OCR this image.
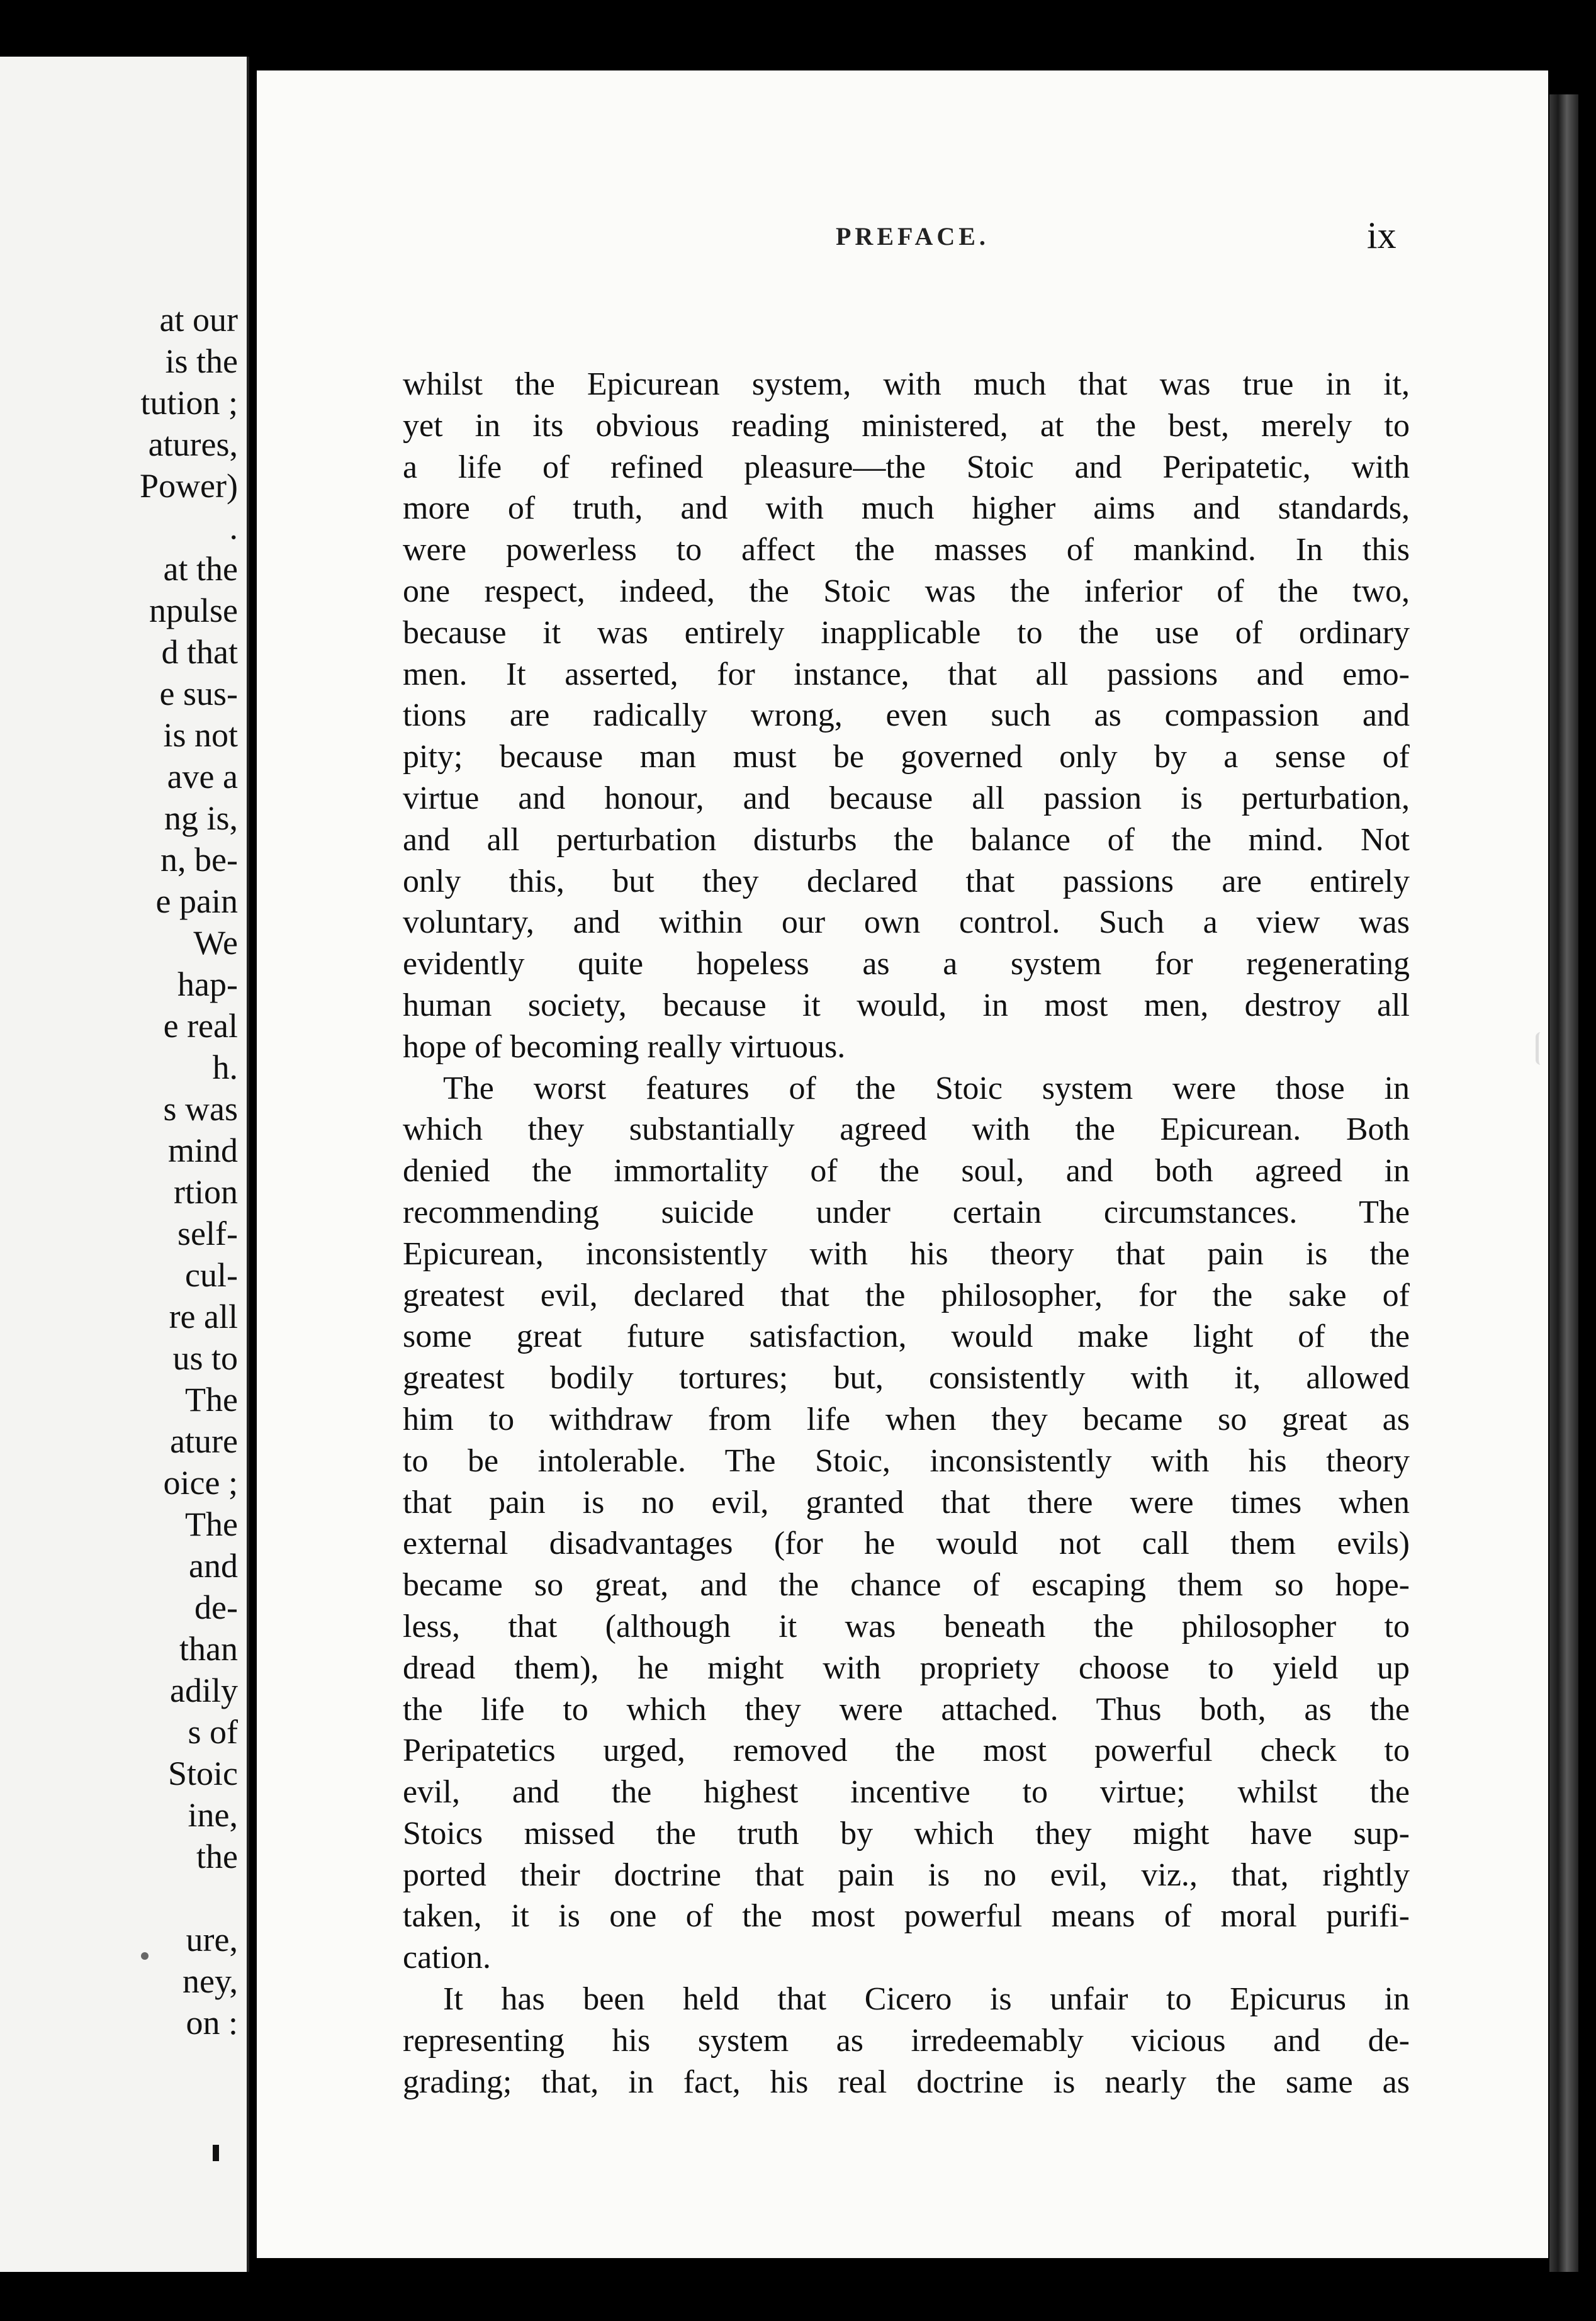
at our
is the
tution ;
atures,
Power)
.
at the
npulse
d that
e sus-
is not
ave a
ng is,
n, be-
e pain
We
hap-
e real
h.
s was
mind
rtion
self-
cul-
re all
us to
The
ature
oice ;
The
and
de-
than
adily
s of
Stoic
ine,
the
ure,
ney,
on :
PREFACE.	ix
whilst the Epicurean system, with much that was true in it,
yet in its obvious reading ministered, at the best, merely to
a life of refined pleasure—the Stoic and Peripatetic, with
more of truth, and with much higher aims and standards,
were powerless to affect the masses of mankind. In this
one respect, indeed, the Stoic was the inferior of the two,
because it was entirely inapplicable to the use of ordinary
men. It asserted, for instance, that all passions and emo-
tions are radically wrong, even such as compassion and
pity; because man must be governed only by a sense of
virtue and honour, and because all passion is perturbation,
and all perturbation disturbs the balance of the mind. Not
only this, but they declared that passions are entirely
voluntary, and within our own control. Such a view was
evidently quite hopeless as a system for regenerating
human society, because it would, in most men, destroy all
hope of becoming really virtuous.
The worst features of the Stoic system were those in
which they substantially agreed with the Epicurean. Both
denied the immortality of the soul, and both agreed in
recommending suicide under certain circumstances. The
Epicurean, inconsistently with his theory that pain is the
greatest evil, declared that the philosopher, for the sake of
some great future satisfaction, would make light of the
greatest bodily tortures; but, consistently with it, allowed
him to withdraw from life when they became so great as
to be intolerable. The Stoic, inconsistently with his theory
that pain is no evil, granted that there were times when
external disadvantages (for he would not call them evils)
became so great, and the chance of escaping them so hope-
less, that (although it was beneath the philosopher to
dread them), he might with propriety choose to yield up
the life to which they were attached. Thus both, as the
Peripatetics urged, removed the most powerful check to
evil, and the highest incentive to virtue; whilst the
Stoics missed the truth by which they might have sup-
ported their doctrine that pain is no evil, viz., that, rightly
taken, it is one of the most powerful means of moral purifi-
cation.
It has been held that Cicero is unfair to Epicurus in
representing his system as irredeemably vicious and de-
grading; that, in fact, his real doctrine is nearly the same as
